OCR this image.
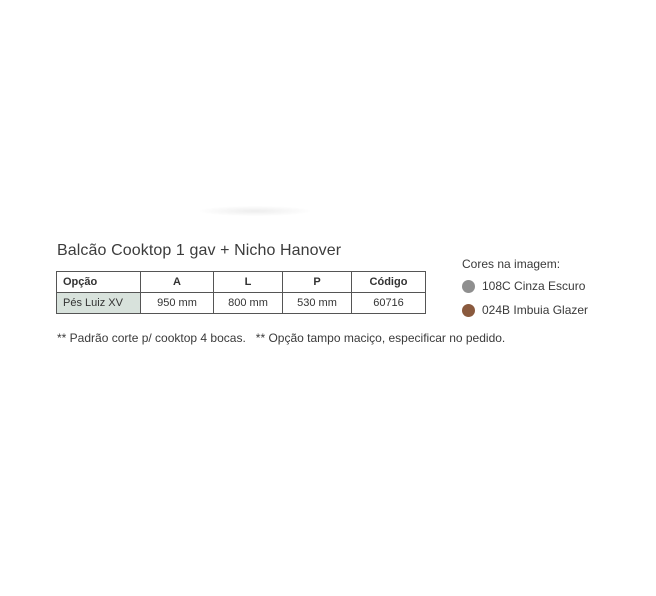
Balcão Cooktop 1 gav + Nicho Hanover
Opção	A	L	P	Código
Pés Luiz XV	950 mm	800 mm	530 mm	60716
** Padrão corte p/ cooktop 4 bocas.   ** Opção tampo maciço, especificar no pedido.
Cores na imagem:
108C Cinza Escuro
024B Imbuia Glazer
